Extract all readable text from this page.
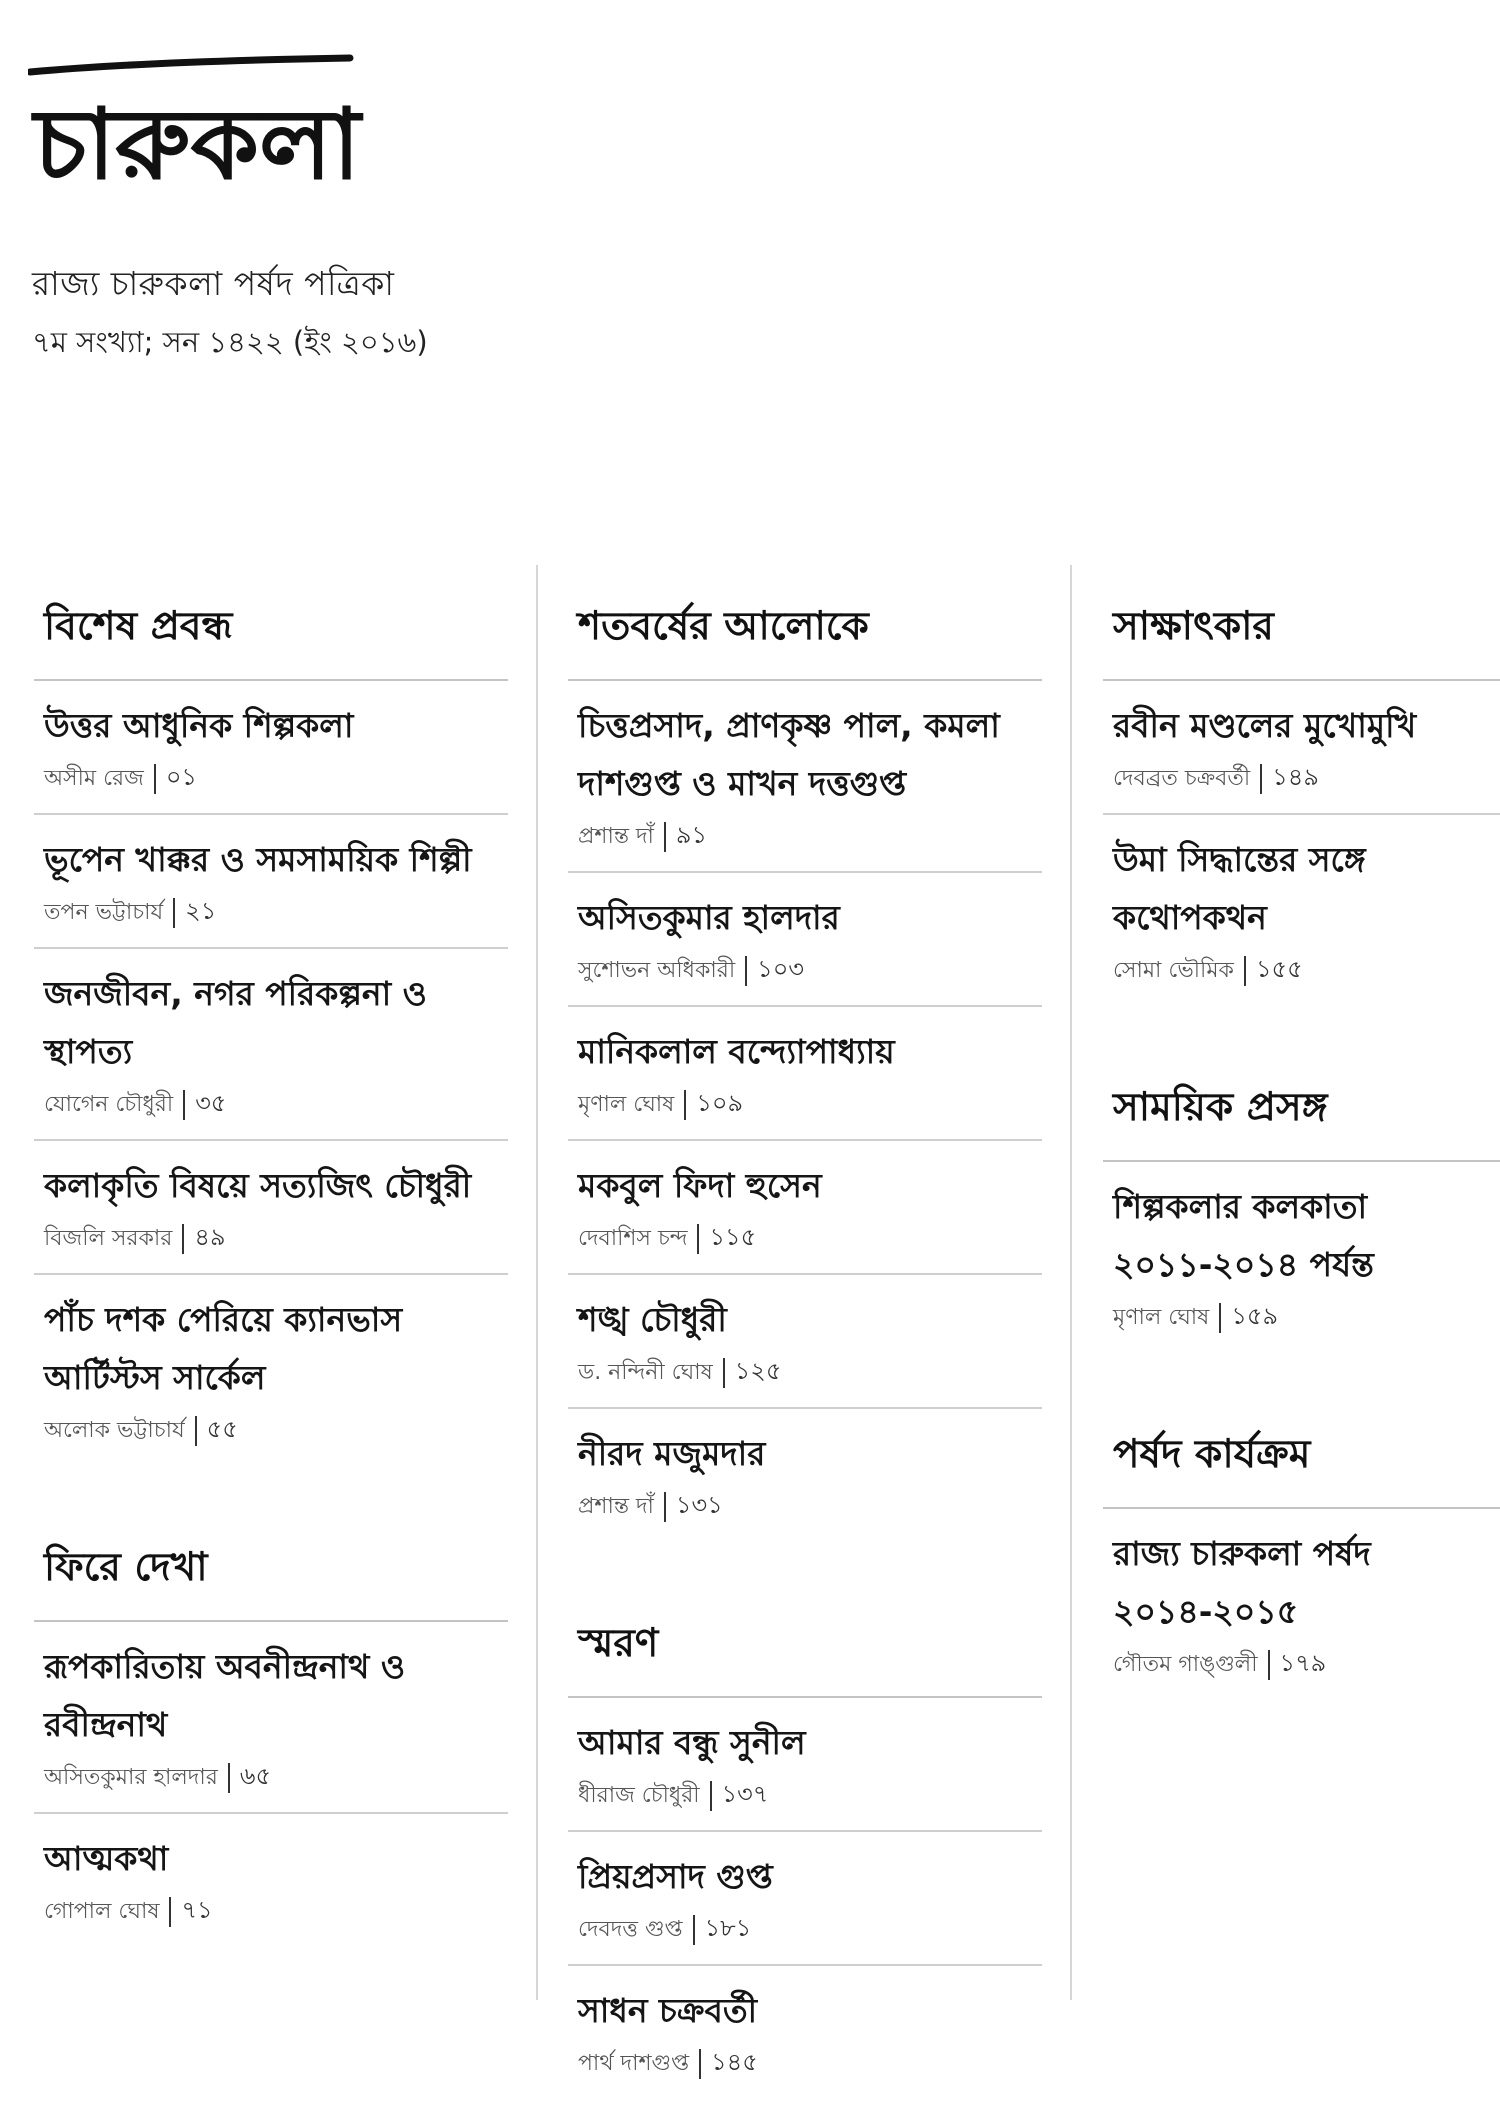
চারুকলা
রাজ্য চারুকলা পর্ষদ পত্রিকা
৭ম সংখ্যা; সন ১৪২২ (ইং ২০১৬)
বিশেষ প্রবন্ধ
উত্তর আধুনিক শিল্পকলা
অসীম রেজ ০১
ভূপেন খাক্কর ও সমসাময়িক শিল্পী
তপন ভট্টাচার্য ২১
জনজীবন, নগর পরিকল্পনা ও স্থাপত্য
যোগেন চৌধুরী ৩৫
কলাকৃতি বিষয়ে সত্যজিৎ চৌধুরী
বিজলি সরকার ৪৯
পাঁচ দশক পেরিয়ে ক্যানভাস আর্টিস্টস সার্কেল
অলোক ভট্টাচার্য ৫৫
ফিরে দেখা
রূপকারিতায় অবনীন্দ্রনাথ ও রবীন্দ্রনাথ
অসিতকুমার হালদার ৬৫
আত্মকথা
গোপাল ঘোষ ৭১
শতবর্ষের আলোকে
চিত্তপ্রসাদ, প্রাণকৃষ্ণ পাল, কমলা দাশগুপ্ত ও মাখন দত্তগুপ্ত
প্রশান্ত দাঁ ৯১
অসিতকুমার হালদার
সুশোভন অধিকারী ১০৩
মানিকলাল বন্দ্যোপাধ্যায়
মৃণাল ঘোষ ১০৯
মকবুল ফিদা হুসেন
দেবাশিস চন্দ ১১৫
শঙ্খ চৌধুরী
ড. নন্দিনী ঘোষ ১২৫
নীরদ মজুমদার
প্রশান্ত দাঁ ১৩১
স্মরণ
আমার বন্ধু সুনীল
ধীরাজ চৌধুরী ১৩৭
প্রিয়প্রসাদ গুপ্ত
দেবদত্ত গুপ্ত ১৮১
সাধন চক্রবর্তী
পার্থ দাশগুপ্ত ১৪৫
সাক্ষাৎকার
রবীন মণ্ডলের মুখোমুখি
দেবব্রত চক্রবর্তী ১৪৯
উমা সিদ্ধান্তের সঙ্গে কথোপকথন
সোমা ভৌমিক ১৫৫
সাময়িক প্রসঙ্গ
শিল্পকলার কলকাতা ২০১১-২০১৪ পর্যন্ত
মৃণাল ঘোষ ১৫৯
পর্ষদ কার্যক্রম
রাজ্য চারুকলা পর্ষদ ২০১৪-২০১৫
গৌতম গাঙ্গুলী ১৭৯
